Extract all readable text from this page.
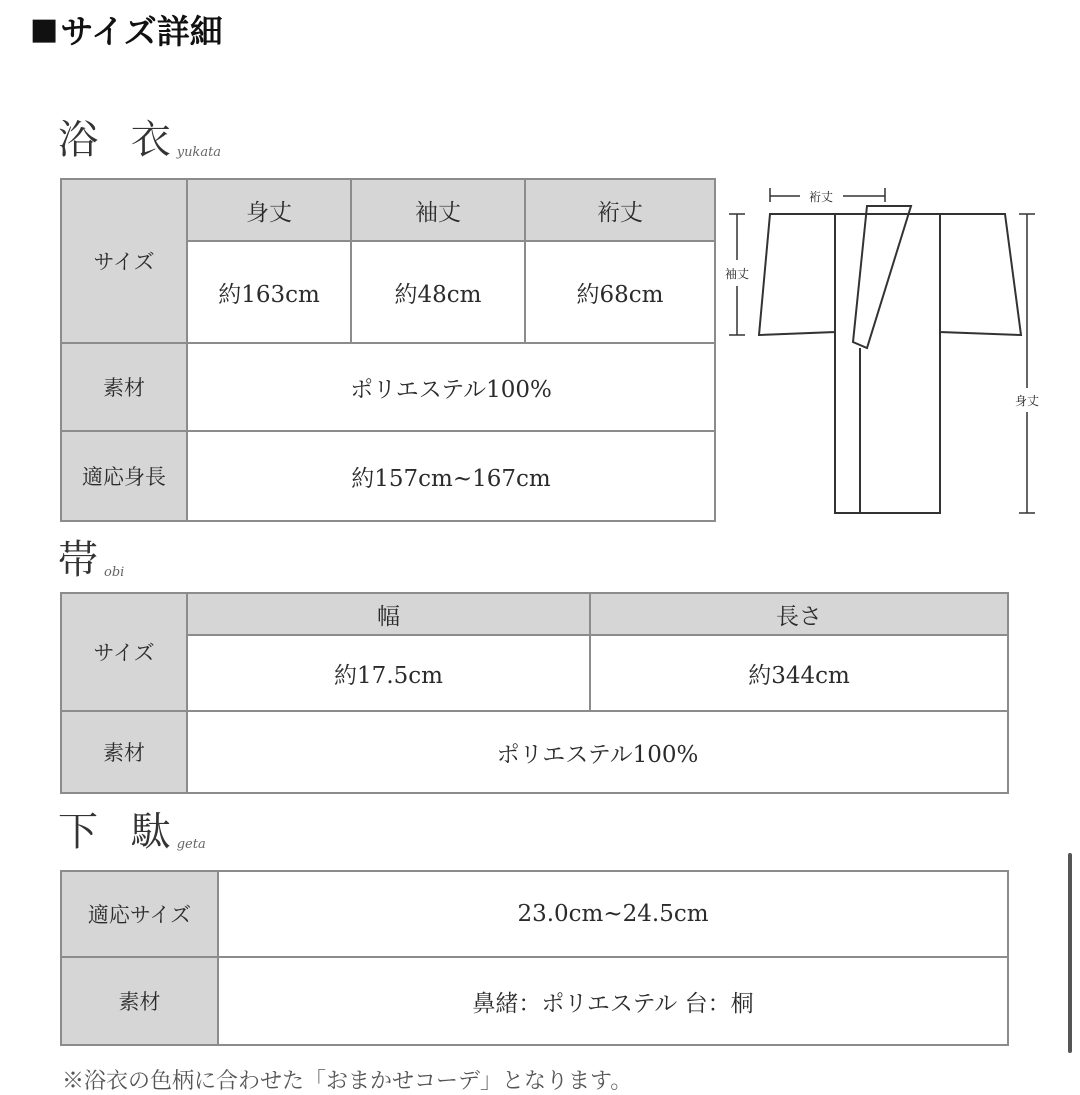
■ サイズ詳細
浴 衣
yukata
サイズ	身丈	袖丈	裄丈
	約163cm	約48cm	約68cm
素材	ポリエステル100%		
適応身長	約157cm~167cm		
裄丈
袖丈
身丈
帯
obi
サイズ	幅	長さ
	約17.5cm	約344cm
素材	ポリエステル100%	
下 駄
geta
適応サイズ	23.0cm~24.5cm
素材	鼻緒：ポリエステル 台：桐
※浴衣の色柄に合わせた「おまかせコーデ」となります。
